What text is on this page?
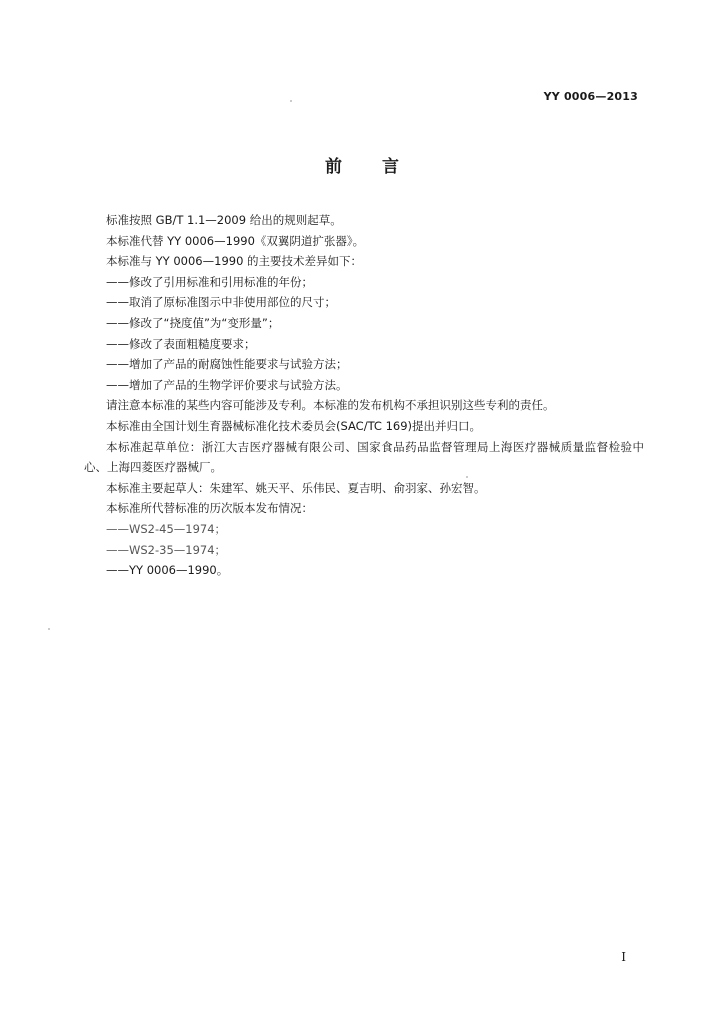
YY 0006—2013
前言

标准按照 GB/T 1.1—2009 给出的规则起草。

本标准代替 YY 0006—1990《双翼阴道扩张器》。

本标准与 YY 0006—1990 的主要技术差异如下：

——修改了引用标准和引用标准的年份；

——取消了原标准图示中非使用部位的尺寸；

——修改了“挠度值”为“变形量”；

——修改了表面粗糙度要求；

——增加了产品的耐腐蚀性能要求与试验方法；

——增加了产品的生物学评价要求与试验方法。

请注意本标准的某些内容可能涉及专利。本标准的发布机构不承担识别这些专利的责任。

本标准由全国计划生育器械标准化技术委员会(SAC/TC 169)提出并归口。

本标准起草单位：浙江大吉医疗器械有限公司、国家食品药品监督管理局上海医疗器械质量监督检验中心、上海四菱医疗器械厂。

本标准主要起草人：朱建军、姚天平、乐伟民、夏吉明、俞羽家、孙宏智。

本标准所代替标准的历次版本发布情况：

——WS2-45—1974；

——WS2-35—1974；

——YY 0006—1990。

I
